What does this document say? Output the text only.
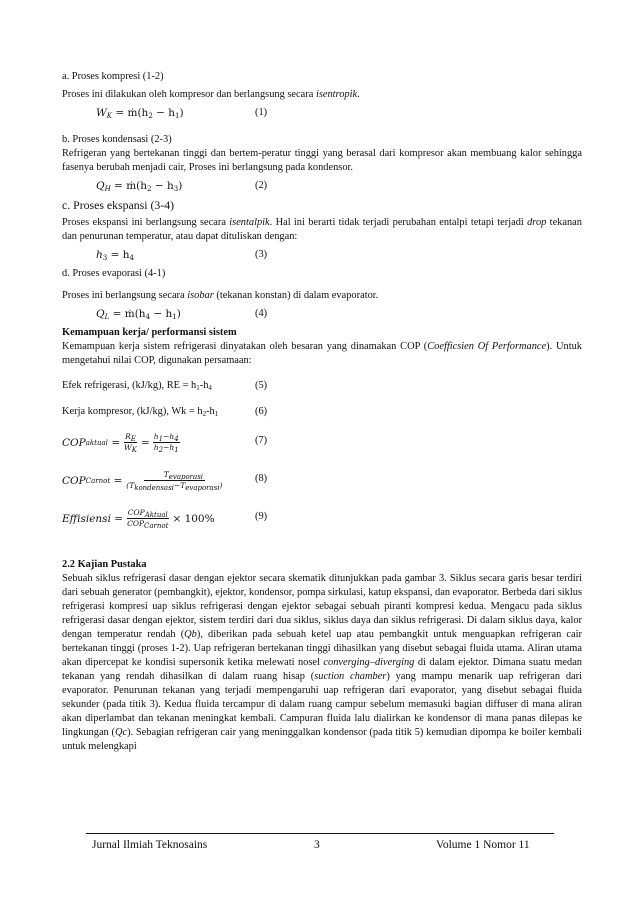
a. Proses kompresi (1-2)

Proses ini dilakukan oleh kompresor dan berlangsung secara isentropik.

$W_K$ = $ṁ(h_2 - h_1)$	(1)

b. Proses kondensasi (2-3)

Refrigeran yang bertekanan tinggi dan bertem-peratur tinggi yang berasal dari kompresor akan membuang kalor sehingga fasenya berubah menjadi cair, Proses ini berlangsung pada kondensor.

$Q_H$ = $ṁ(h_2 - h_3)$	(2)

c. Proses ekspansi (3-4)

Proses ekspansi ini berlangsung secara isentalpik. Hal ini berarti tidak terjadi perubahan entalpi tetapi terjadi drop tekanan dan penurunan temperatur, atau dapat dituliskan dengan:

$h_3 = h_4$	(3)

d. Proses evaporasi (4-1)

Proses ini berlangsung secara isobar (tekanan konstan) di dalam evaporator.

$Q_L$ = $ṁ(h_4 - h_1)$	(4)

Kemampuan kerja/ performansi sistem

Kemampuan kerja sistem refrigerasi dinyatakan oleh besaran yang dinamakan COP (Coefficsien Of Performance). Untuk mengetahui nilai COP, digunakan persamaan:

Efek refrigerasi, (kJ/kg), RE = $h_1-h_4$	(5)
Kerja kompresor, (kJ/kg), $Wk = h_2-h_1$	(6)
COP aktual = $\frac{R_E}{W_K} = \frac{h_1-h_4}{h_2-h_1}$	(7)
COP Carnot = $\frac{T_{evaporasi}}{(T_{kondensasi}-T_{evaporasi})}$	(8)
Effisiensi = $\frac{COP_{Aktual}}{COP_{Carnot}} \times 100\%$	(9)

2.2 Kajian Pustaka

Sebuah siklus refrigerasi dasar dengan ejektor secara skematik ditunjukkan pada gambar 3. Siklus secara garis besar terdiri dari sebuah generator (pembangkit), ejektor, kondensor, pompa sirkulasi, katup ekspansi, dan evaporator. Berbeda dari siklus refrigerasi kompresi uap siklus refrigerasi dengan ejektor sebagai sebuah piranti kompresi kedua. Mengacu pada siklus refrigerasi dasar dengan ejektor, sistem terdiri dari dua siklus, siklus daya dan siklus refrigerasi. Di dalam siklus daya, kalor dengan temperatur rendah (Qb), diberikan pada sebuah ketel uap atau pembangkit untuk menguapkan refrigeran cair bertekanan tinggi (proses 1-2). Uap refrigeran bertekanan tinggi dihasilkan yang disebut sebagai fluida utama. Aliran utama akan dipercepat ke kondisi supersonik ketika melewati nosel converging–diverging di dalam ejektor. Dimana suatu medan tekanan yang rendah dihasilkan di dalam ruang hisap (suction chamber) yang mampu menarik uap refrigeran dari evaporator. Penurunan tekanan yang terjadi mempengaruhi uap refrigeran dari evaporator, yang disebut sebagai fluida sekunder (pada titik 3). Kedua fluida tercampur di dalam ruang campur sebelum memasuki bagian diffuser di mana aliran akan diperlambat dan tekanan meningkat kembali. Campuran fluida lalu dialirkan ke kondensor di mana panas dilepas ke lingkungan (Qc). Sebagian refrigeran cair yang meninggalkan kondensor (pada titik 5) kemudian dipompa ke boiler kembali untuk melengkapi

Jurnal Ilmiah Teknosains	3	Volume 1 Nomor 11
